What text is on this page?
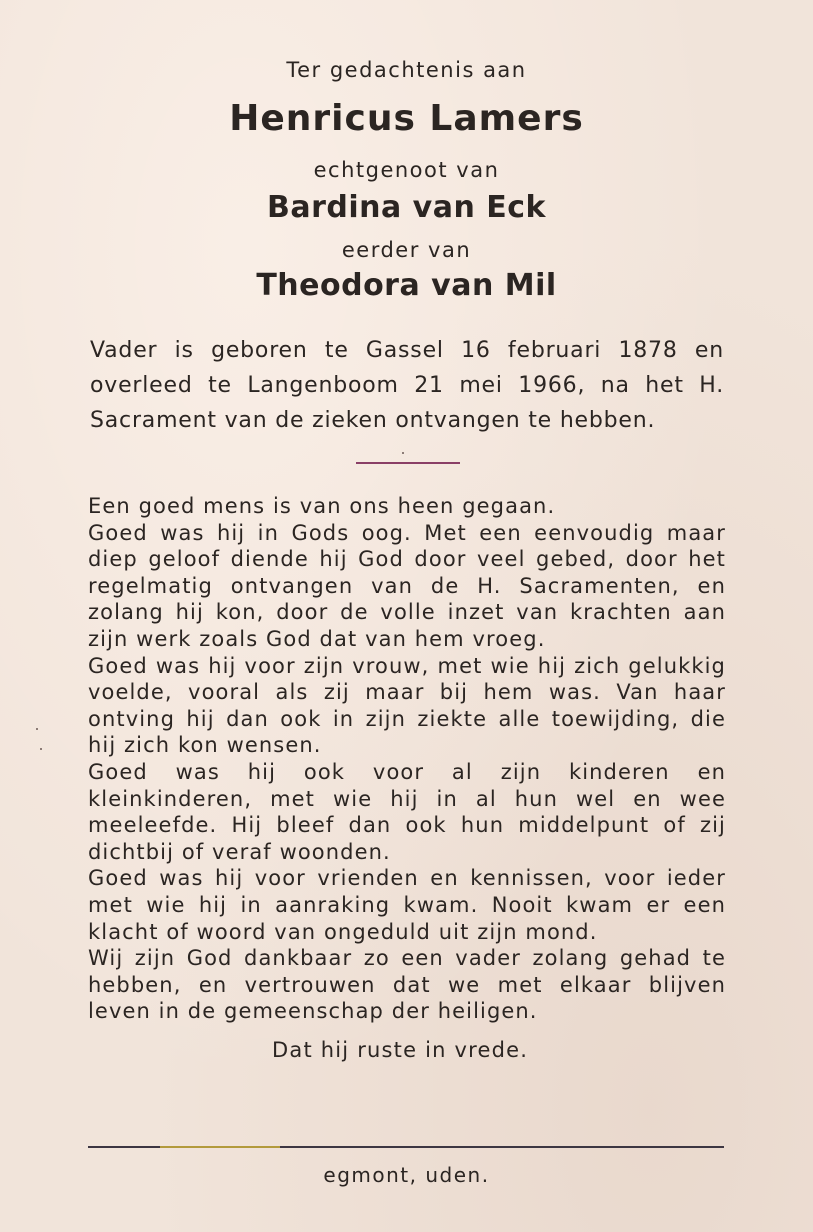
Ter gedachtenis aan
Henricus Lamers
echtgenoot van
Bardina van Eck
eerder van
Theodora van Mil

Vader is geboren te Gassel 16 februari 1878 en overleed te Langenboom 21 mei 1966, na het H. Sacrament van de zieken ontvangen te hebben.

Een goed mens is van ons heen gegaan.

Goed was hij in Gods oog. Met een eenvoudig maar diep geloof diende hij God door veel gebed, door het regelmatig ontvangen van de H. Sacramenten, en zolang hij kon, door de volle inzet van krachten aan zijn werk zoals God dat van hem vroeg.

Goed was hij voor zijn vrouw, met wie hij zich gelukkig voelde, vooral als zij maar bij hem was. Van haar ontving hij dan ook in zijn ziekte alle toewijding, die hij zich kon wensen.

Goed was hij ook voor al zijn kinderen en kleinkinderen, met wie hij in al hun wel en wee meeleefde. Hij bleef dan ook hun middelpunt of zij dichtbij of veraf woonden.

Goed was hij voor vrienden en kennissen, voor ieder met wie hij in aanraking kwam. Nooit kwam er een klacht of woord van ongeduld uit zijn mond.

Wij zijn God dankbaar zo een vader zolang gehad te hebben, en vertrouwen dat we met elkaar blijven leven in de gemeenschap der heiligen.

Dat hij ruste in vrede.

egmont, uden.
